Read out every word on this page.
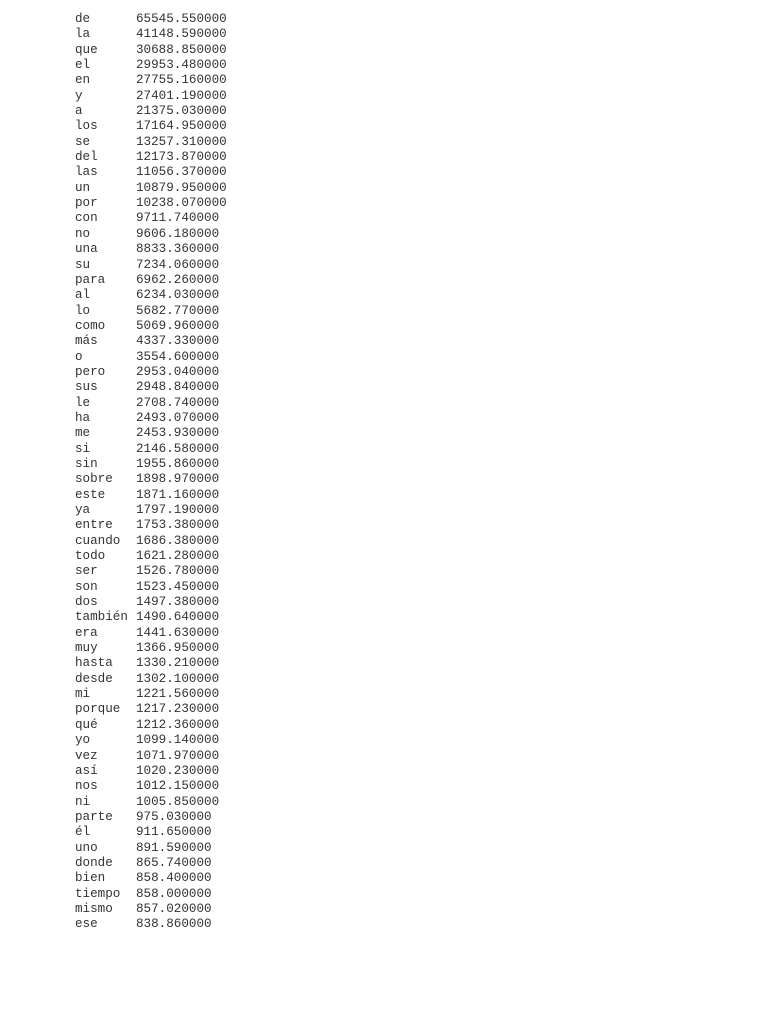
de	65545.550000
la	41148.590000
que	30688.850000
el	29953.480000
en	27755.160000
y	27401.190000
a	21375.030000
los	17164.950000
se	13257.310000
del	12173.870000
las	11056.370000
un	10879.950000
por	10238.070000
con	9711.740000
no	9606.180000
una	8833.360000
su	7234.060000
para	6962.260000
al	6234.030000
lo	5682.770000
como	5069.960000
más	4337.330000
o	3554.600000
pero	2953.040000
sus	2948.840000
le	2708.740000
ha	2493.070000
me	2453.930000
si	2146.580000
sin	1955.860000
sobre	1898.970000
este	1871.160000
ya	1797.190000
entre	1753.380000
cuando	1686.380000
todo	1621.280000
ser	1526.780000
son	1523.450000
dos	1497.380000
también 1490.640000
era	1441.630000
muy	1366.950000
hasta	1330.210000
desde	1302.100000
mi	1221.560000
porque	1217.230000
qué	1212.360000
yo	1099.140000
vez	1071.970000
así	1020.230000
nos	1012.150000
ni	1005.850000
parte	975.030000
él	911.650000
uno	891.590000
donde	865.740000
bien	858.400000
tiempo	858.000000
mismo	857.020000
ese	838.860000
